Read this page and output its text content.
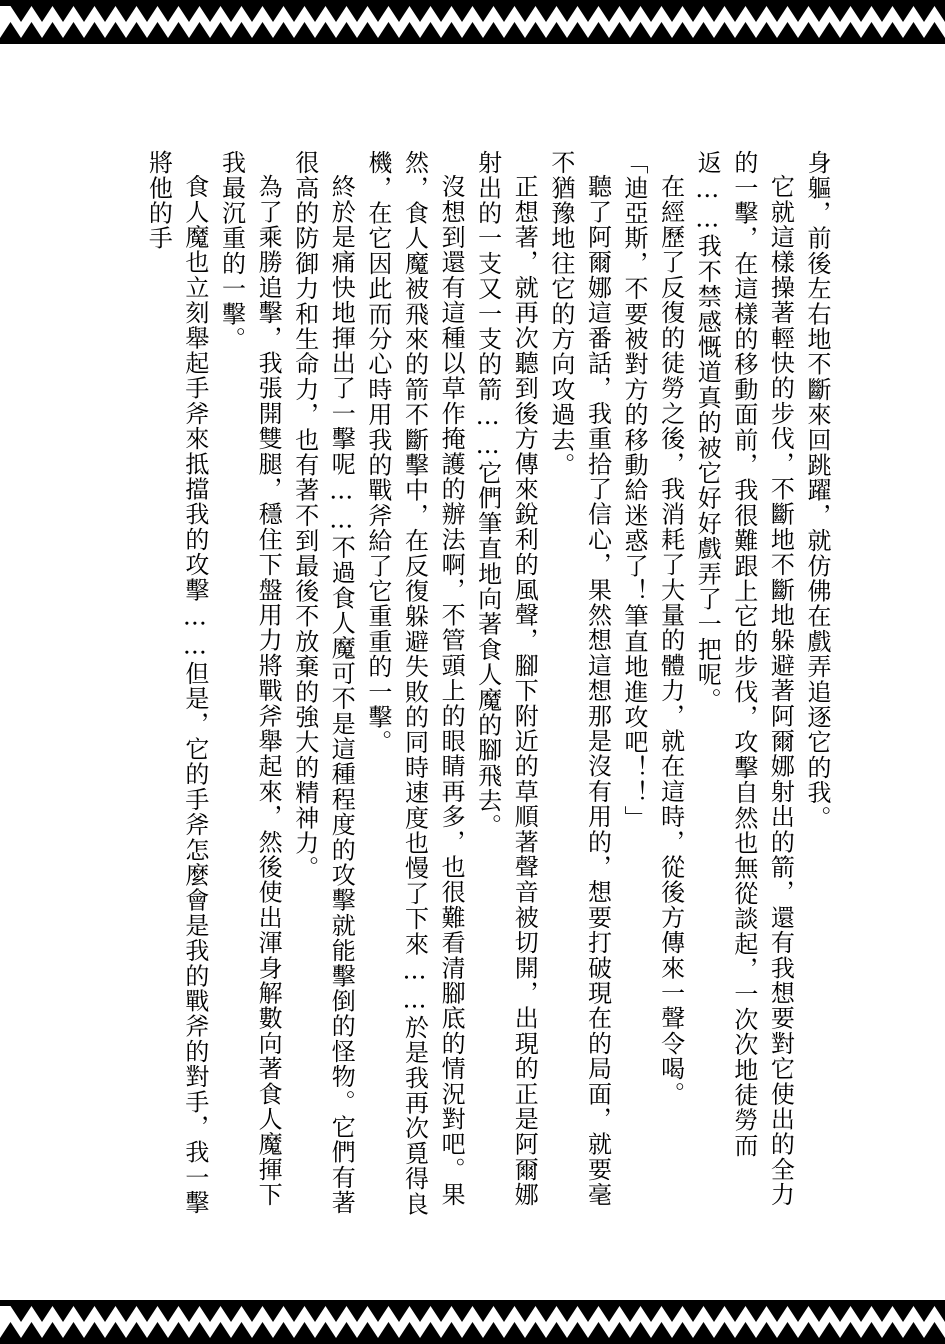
身軀，前後左右地不斷來回跳躍，就仿佛在戲弄追逐它的我。

它就這樣操著輕快的步伐，不斷地不斷地躲避著阿爾娜射出的箭，還有我想要對它使出的全力的一擊，在這樣的移動面前，我很難跟上它的步伐，攻擊自然也無從談起，一次次地徒勞而返……我不禁感慨道真的被它好好戲弄了一把呢。

在經歷了反復的徒勞之後，我消耗了大量的體力，就在這時，從後方傳來一聲令喝。

「迪亞斯，不要被對方的移動給迷惑了！筆直地進攻吧！！」

聽了阿爾娜這番話，我重拾了信心，果然想這想那是沒有用的，想要打破現在的局面，就要毫不猶豫地往它的方向攻過去。

正想著，就再次聽到後方傳來銳利的風聲，腳下附近的草順著聲音被切開，出現的正是阿爾娜射出的一支又一支的箭……它們筆直地向著食人魔的腳飛去。

沒想到還有這種以草作掩護的辦法啊，不管頭上的眼睛再多，也很難看清腳底的情況對吧。果然，食人魔被飛來的箭不斷擊中，在反復躲避失敗的同時速度也慢了下來……於是我再次覓得良機，在它因此而分心時用我的戰斧給了它重重的一擊。

終於是痛快地揮出了一擊呢……不過食人魔可不是這種程度的攻擊就能擊倒的怪物。它們有著很高的防御力和生命力，也有著不到最後不放棄的強大的精神力。

為了乘勝追擊，我張開雙腿，穩住下盤用力將戰斧舉起來，然後使出渾身解數向著食人魔揮下我最沉重的一擊。

食人魔也立刻舉起手斧來抵擋我的攻擊……但是，它的手斧怎麼會是我的戰斧的對手，我一擊將他的手
